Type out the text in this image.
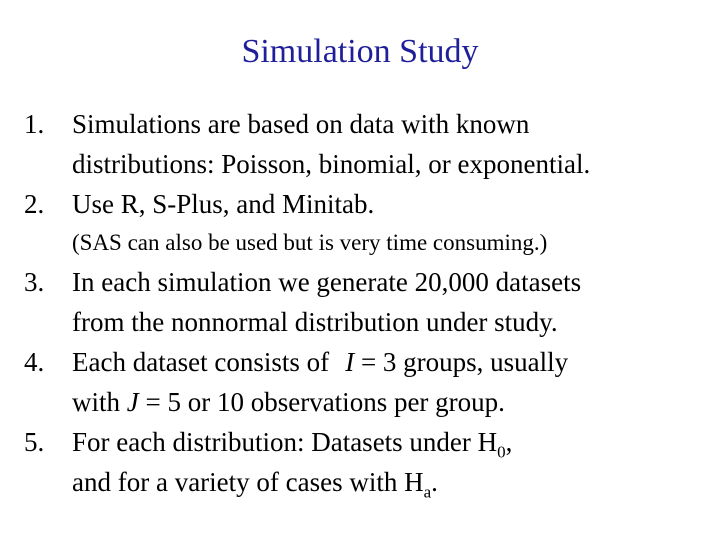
Simulation Study
1. Simulations are based on data with known
distributions: Poisson, binomial, or exponential.
2. Use R, S-Plus, and Minitab.
(SAS can also be used but is very time consuming.)
3. In each simulation we generate 20,000 datasets
from the nonnormal distribution under study.
4. Each dataset consists of I = 3 groups, usually
with J = 5 or 10 observations per group.
5. For each distribution: Datasets under $H_0$,
and for a variety of cases with $H_a$.
